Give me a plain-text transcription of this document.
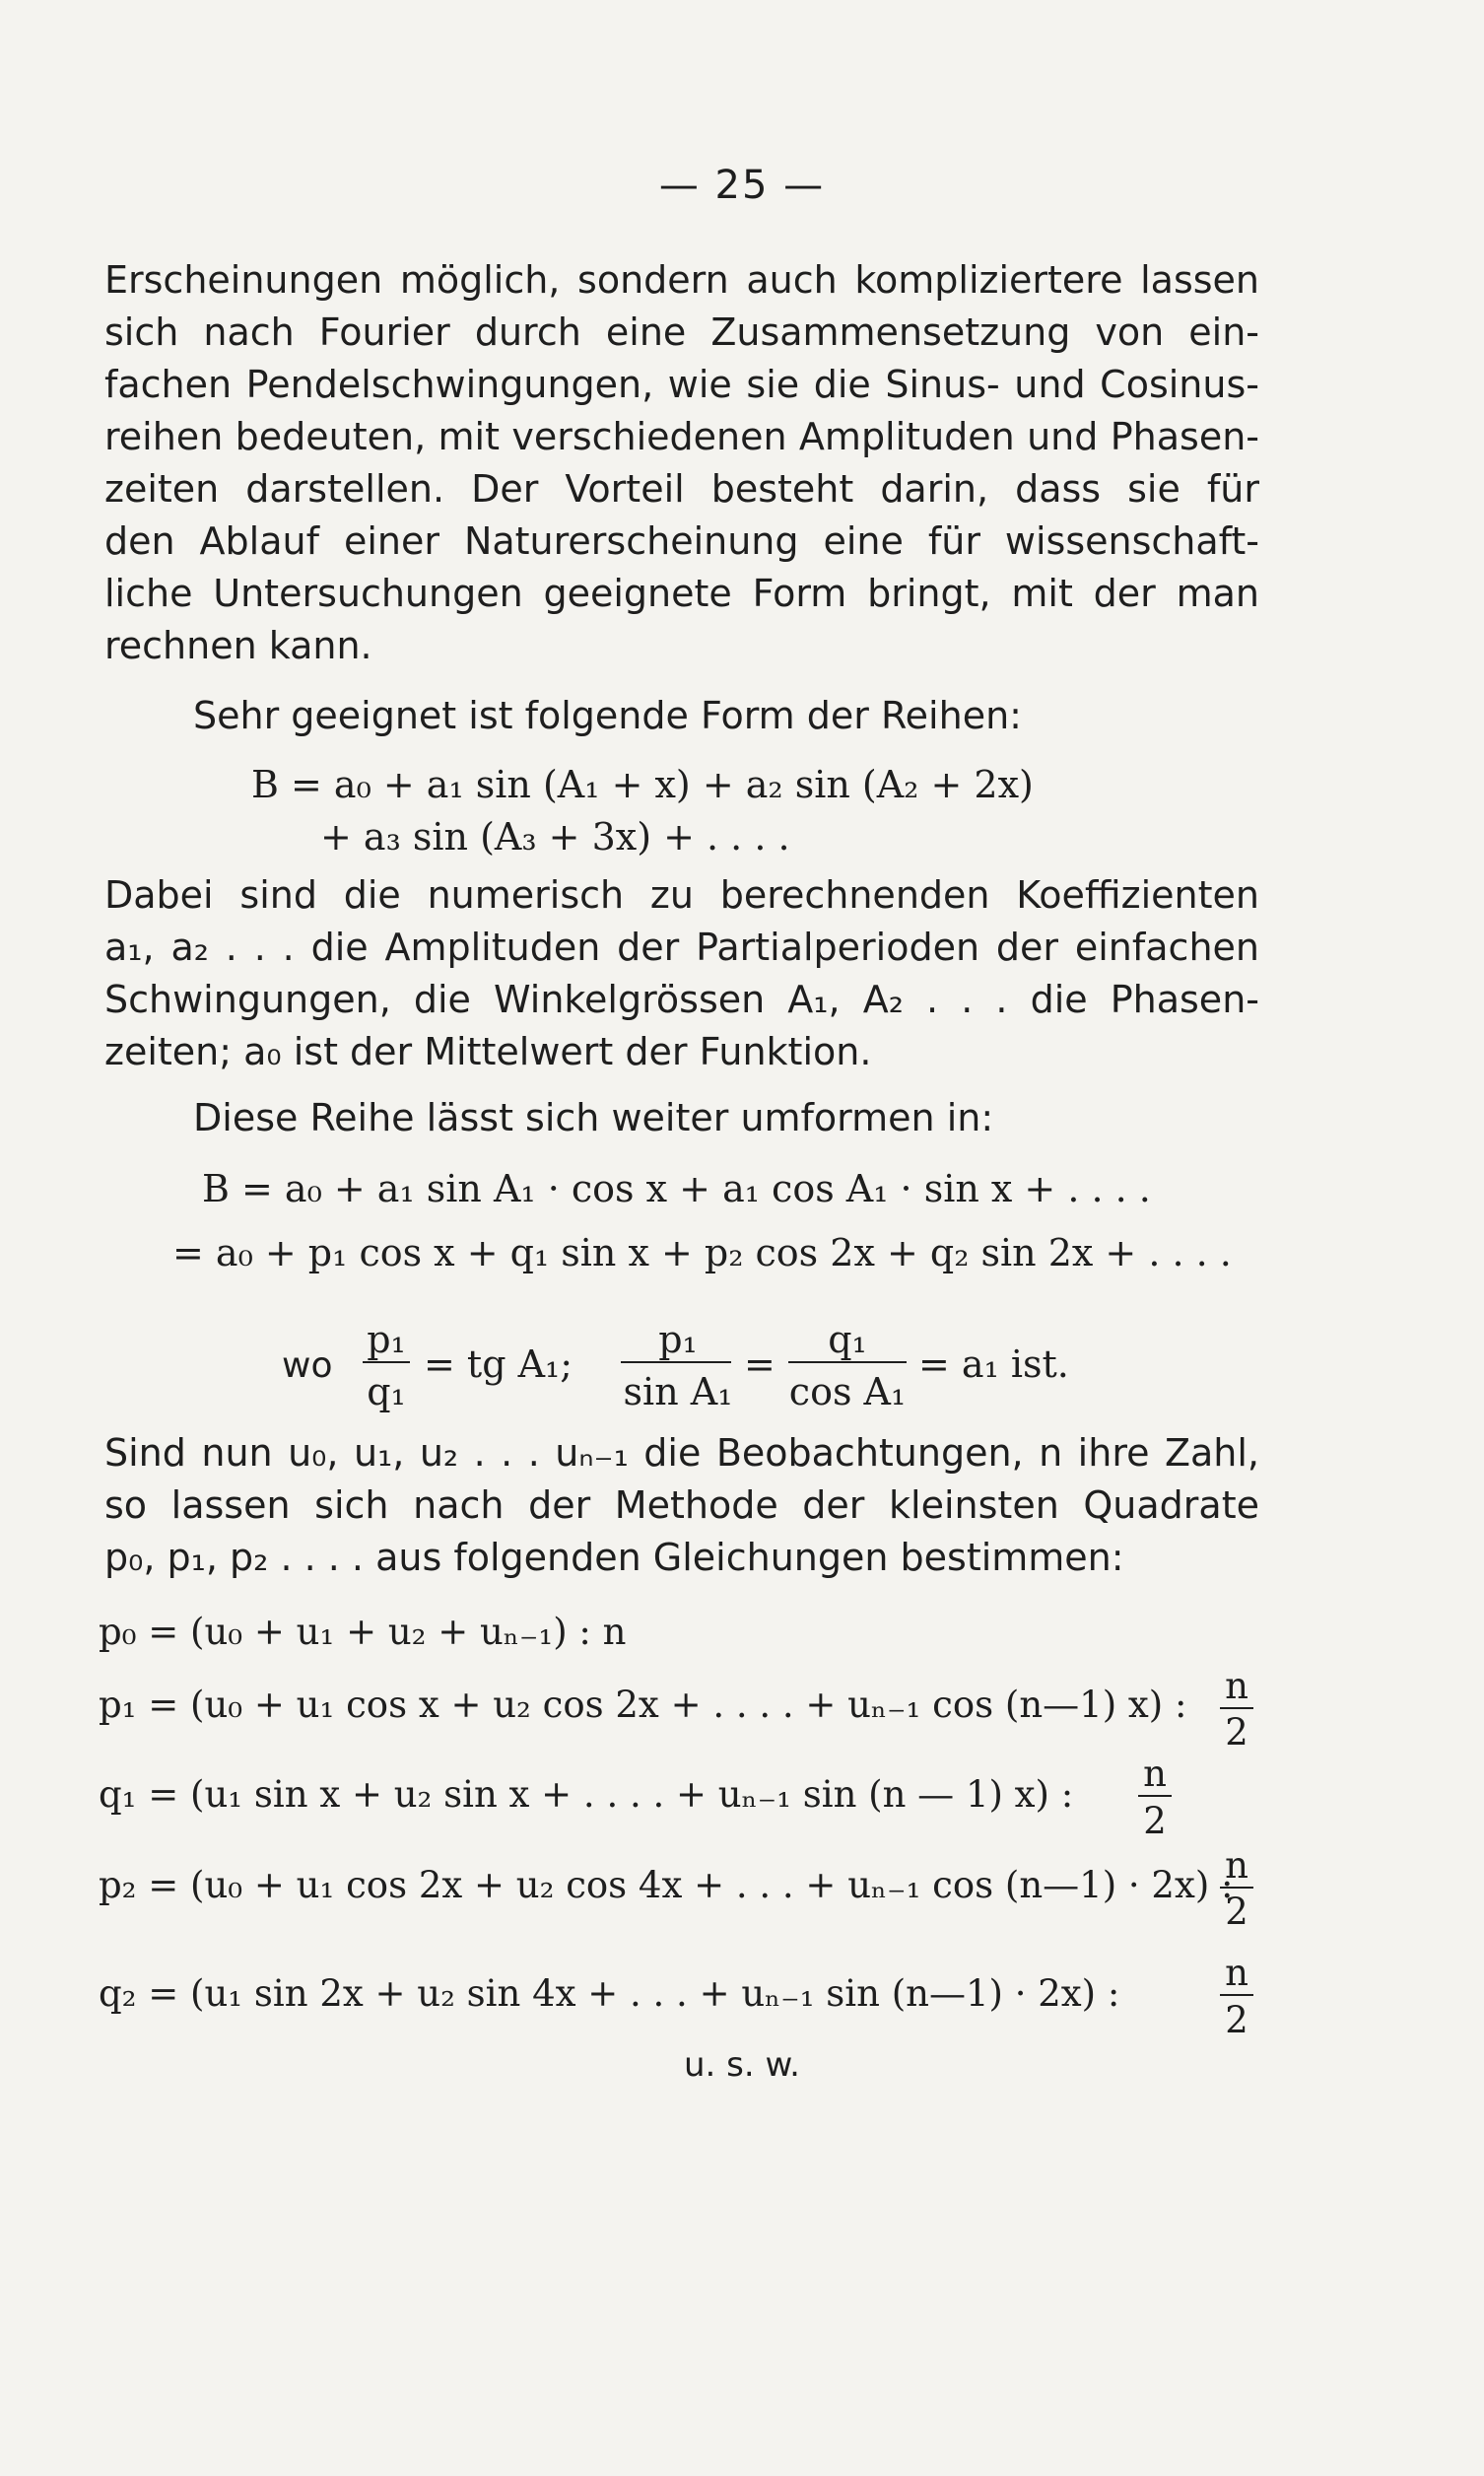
— 25 —
Erscheinungen möglich, sondern auch kompliziertere lassen
sich nach Fourier durch eine Zusammensetzung von ein-
fachen Pendelschwingungen, wie sie die Sinus- und Cosinus-
reihen bedeuten, mit verschiedenen Amplituden und Phasen-
zeiten darstellen. Der Vorteil besteht darin, dass sie für
den Ablauf einer Naturerscheinung eine für wissenschaft-
liche Untersuchungen geeignete Form bringt, mit der man
rechnen kann.
Sehr geeignet ist folgende Form der Reihen:
B = a₀ + a₁ sin (A₁ + x) + a₂ sin (A₂ + 2x)
+ a₃ sin (A₃ + 3x) + . . . .
Dabei sind die numerisch zu berechnenden Koeffizienten
a₁, a₂ . . . die Amplituden der Partialperioden der einfachen
Schwingungen, die Winkelgrössen A₁, A₂ . . . die Phasen-
zeiten; a₀ ist der Mittelwert der Funktion.
Diese Reihe lässt sich weiter umformen in:
B = a₀ + a₁ sin A₁ · cos x + a₁ cos A₁ · sin x + . . . .
= a₀ + p₁ cos x + q₁ sin x + p₂ cos 2x + q₂ sin 2x + . . . .
wo
p₁
q₁
= tg A₁;
p₁
sin A₁
=
q₁
cos A₁
= a₁ ist.
Sind nun u₀, u₁, u₂ . . . uₙ₋₁ die Beobachtungen, n ihre Zahl,
so lassen sich nach der Methode der kleinsten Quadrate
p₀, p₁, p₂ . . . . aus folgenden Gleichungen bestimmen:
p₀ = (u₀ + u₁ + u₂ + uₙ₋₁) : n
p₁ = (u₀ + u₁ cos x + u₂ cos 2x + . . . . + uₙ₋₁ cos (n—1) x) : n
2
q₁ = (u₁ sin x + u₂ sin x + . . . . + uₙ₋₁ sin (n — 1) x) : n
2
p₂ = (u₀ + u₁ cos 2x + u₂ cos 4x + . . . + uₙ₋₁ cos (n—1) · 2x) :
n
2
q₂ = (u₁ sin 2x + u₂ sin 4x + . . . + uₙ₋₁ sin (n—1) · 2x) :	n
2
u. s. w.
